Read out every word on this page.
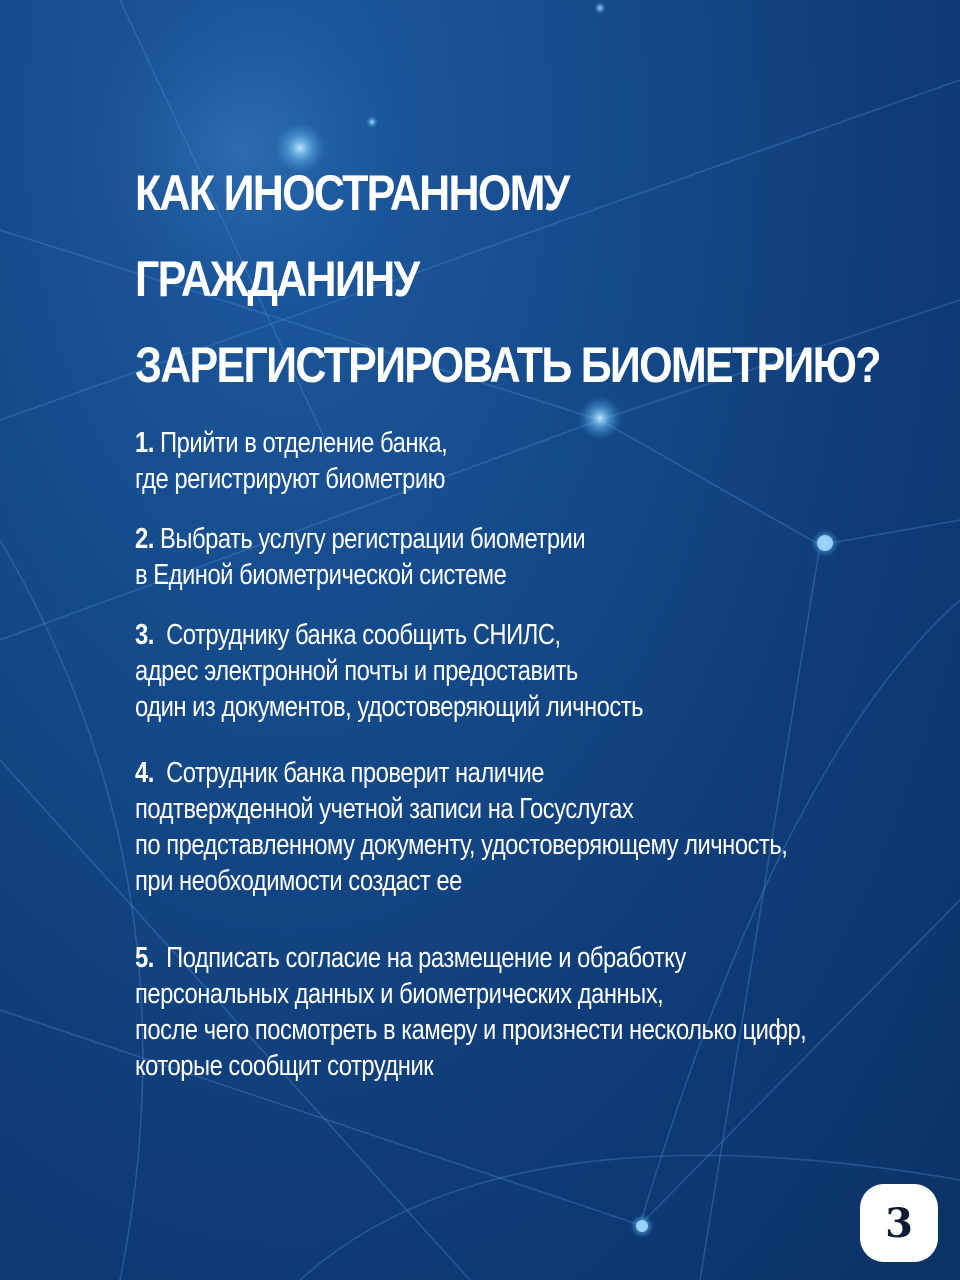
КАК ИНОСТРАННОМУ
ГРАЖДАНИНУ
ЗАРЕГИСТРИРОВАТЬ БИОМЕТРИЮ?
1. Прийти в отделение банка,
где регистрируют биометрию
2. Выбрать услугу регистрации биометрии
в Единой биометрической системе
3. Сотруднику банка сообщить СНИЛС,
адрес электронной почты и предоставить
один из документов, удостоверяющий личность
4. Сотрудник банка проверит наличие
подтвержденной учетной записи на Госуслугах
по представленному документу, удостоверяющему личность,
при необходимости создаст ее
5. Подписать согласие на размещение и обработку
персональных данных и биометрических данных,
после чего посмотреть в камеру и произнести несколько цифр,
которые сообщит сотрудник
3
